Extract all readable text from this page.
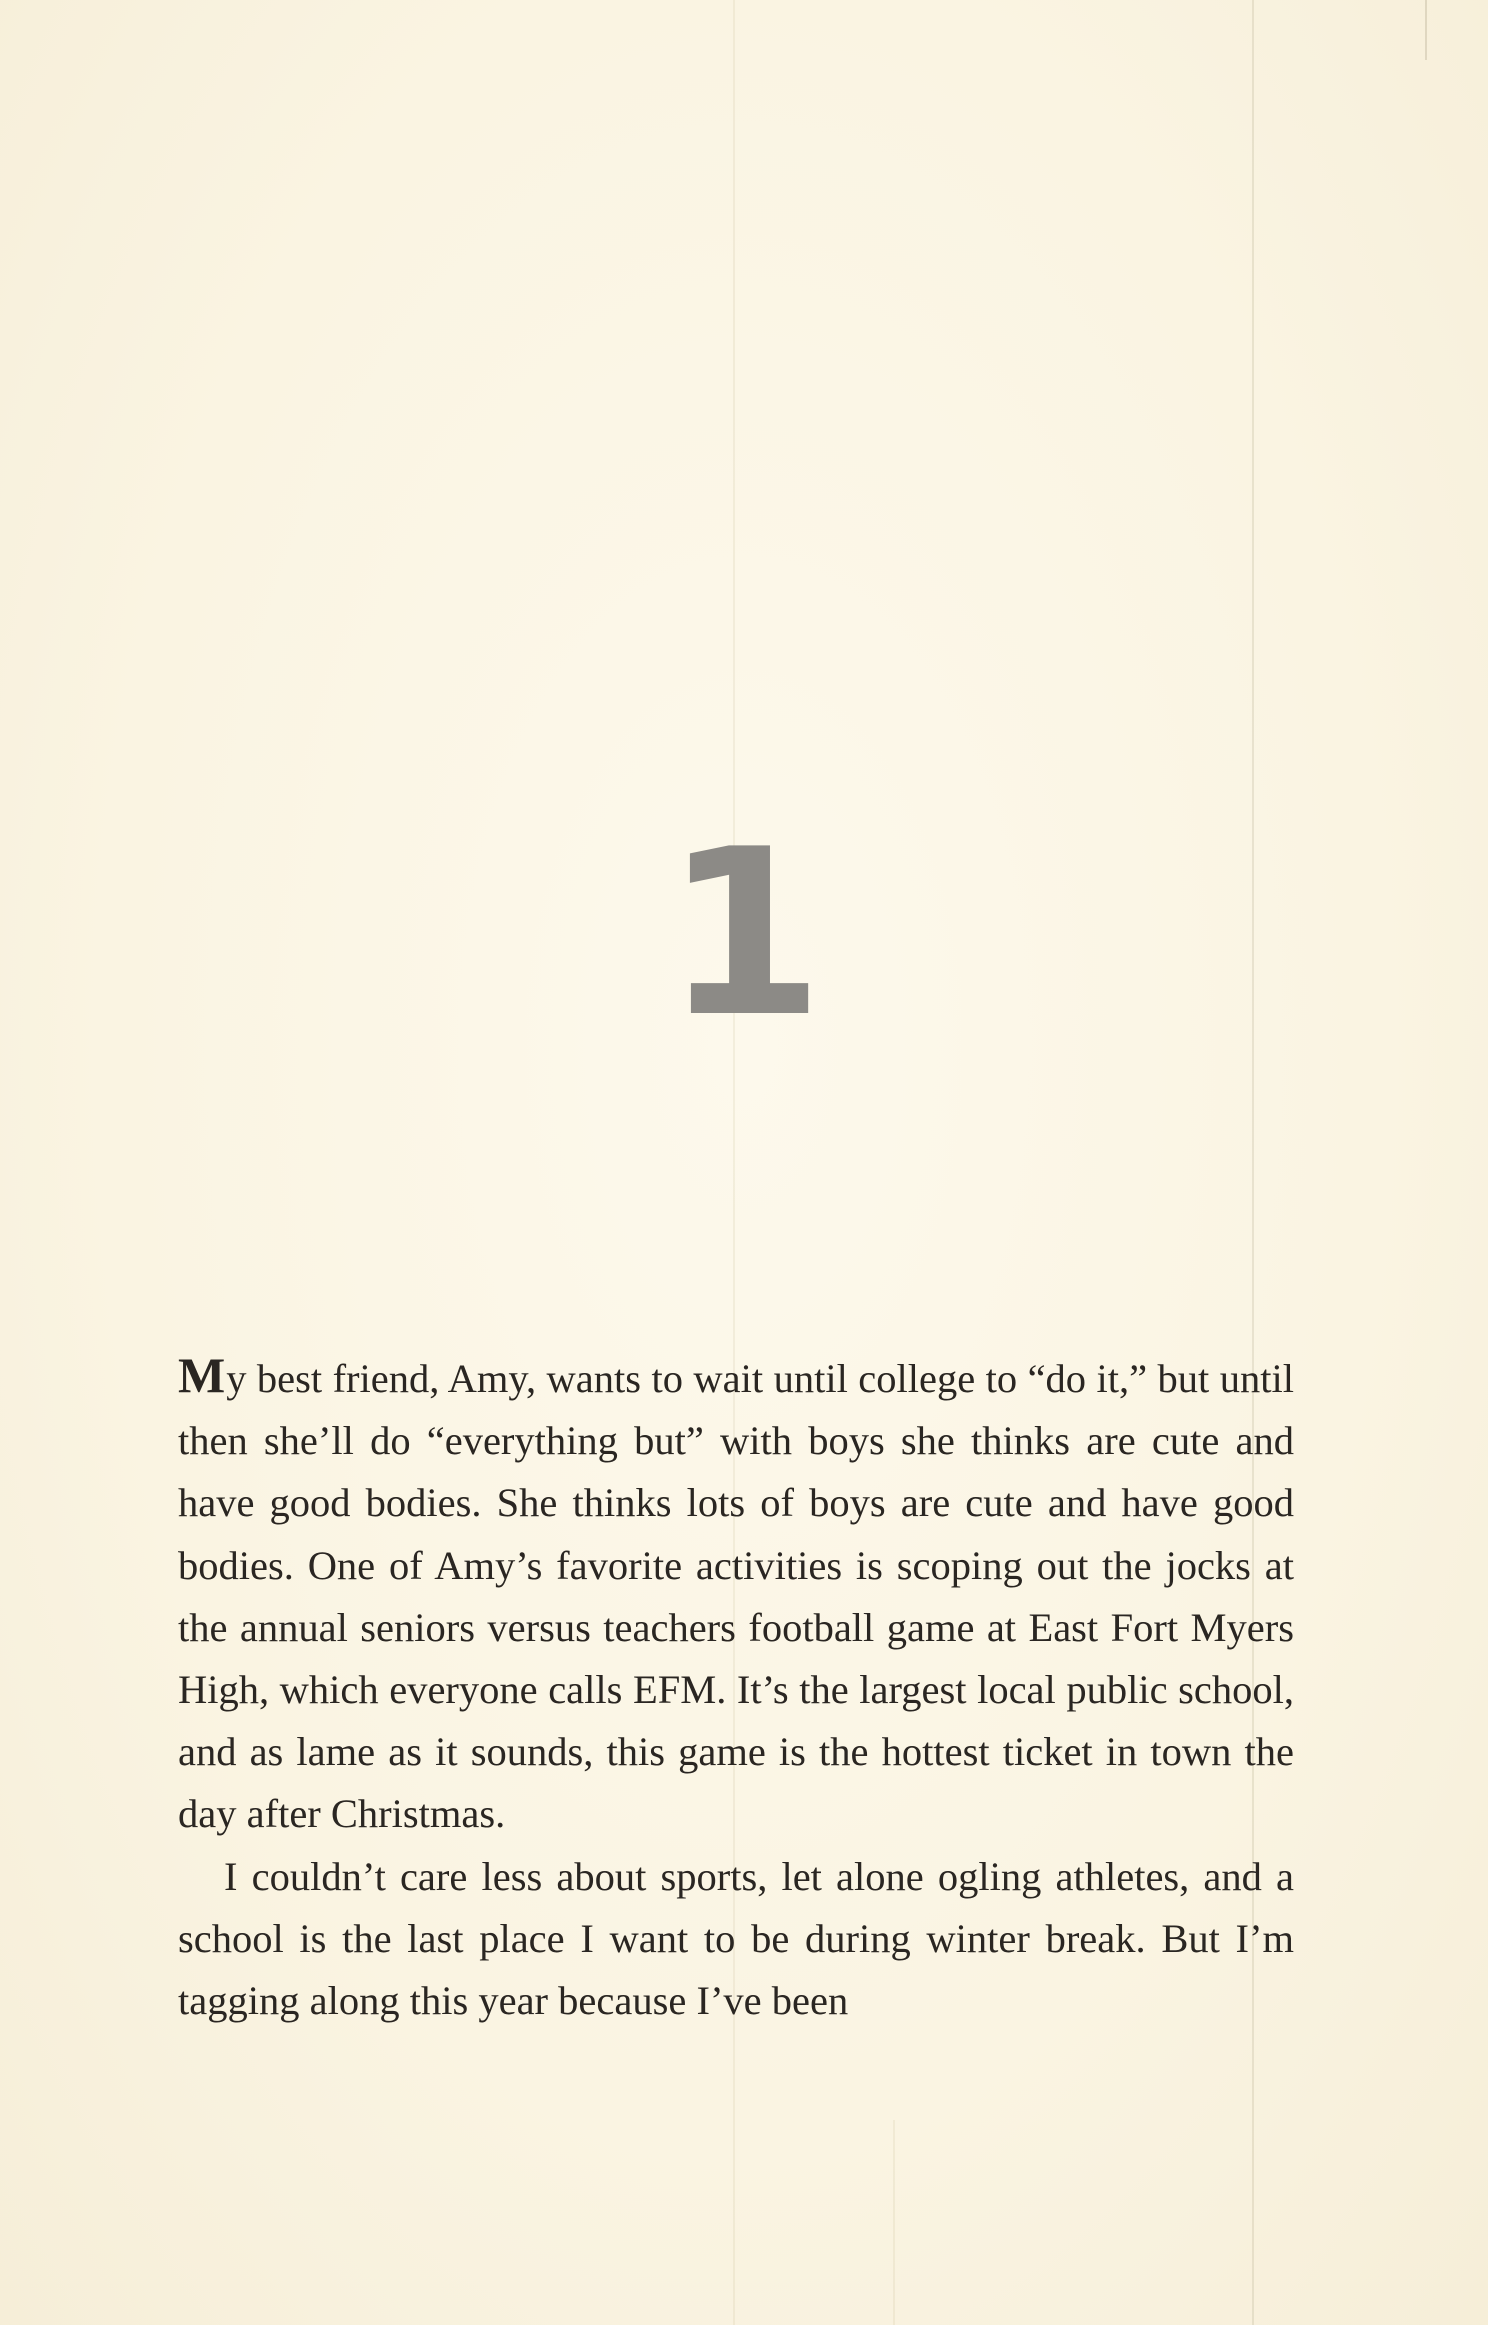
1

My best friend, Amy, wants to wait until college to “do it,” but until then she’ll do “everything but” with boys she thinks are cute and have good bodies. She thinks lots of boys are cute and have good bodies. One of Amy’s favorite activities is scoping out the jocks at the annual seniors versus teachers football game at East Fort Myers High, which everyone calls EFM. It’s the largest local public school, and as lame as it sounds, this game is the hottest ticket in town the day after Christmas.

I couldn’t care less about sports, let alone ogling athletes, and a school is the last place I want to be during winter break. But I’m tagging along this year because I’ve been
